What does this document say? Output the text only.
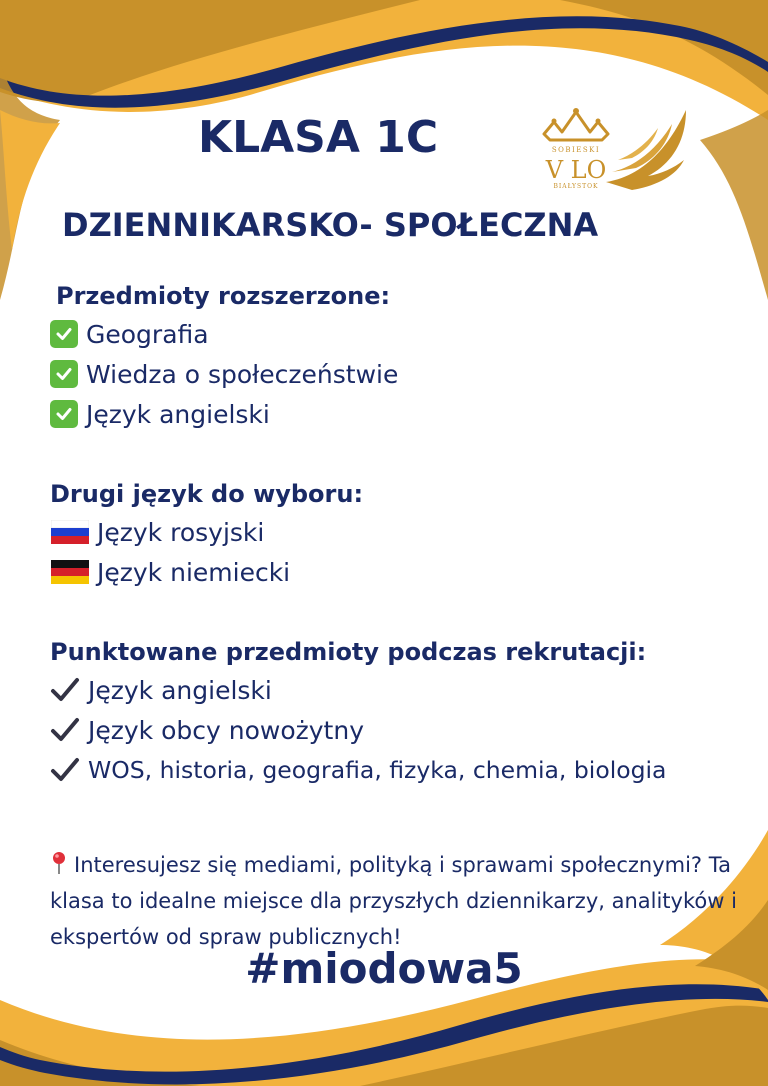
KLASA 1C
DZIENNIKARSKO- SPOŁECZNA
SOBIESKI
V LO
BIAŁYSTOK

Przedmioty rozszerzone:

Geografia
Wiedza o społeczeństwie
Język angielski

Drugi język do wyboru:

Język rosyjski
Język niemiecki

Punktowane przedmioty podczas rekrutacji:

Język angielski
Język obcy nowożytny
WOS, historia, geografia, fizyka, chemia, biologia

Interesujesz się mediami, polityką i sprawami społecznymi? Ta klasa to idealne miejsce dla przyszłych dziennikarzy, analityków i ekspertów od spraw publicznych!

#miodowa5
